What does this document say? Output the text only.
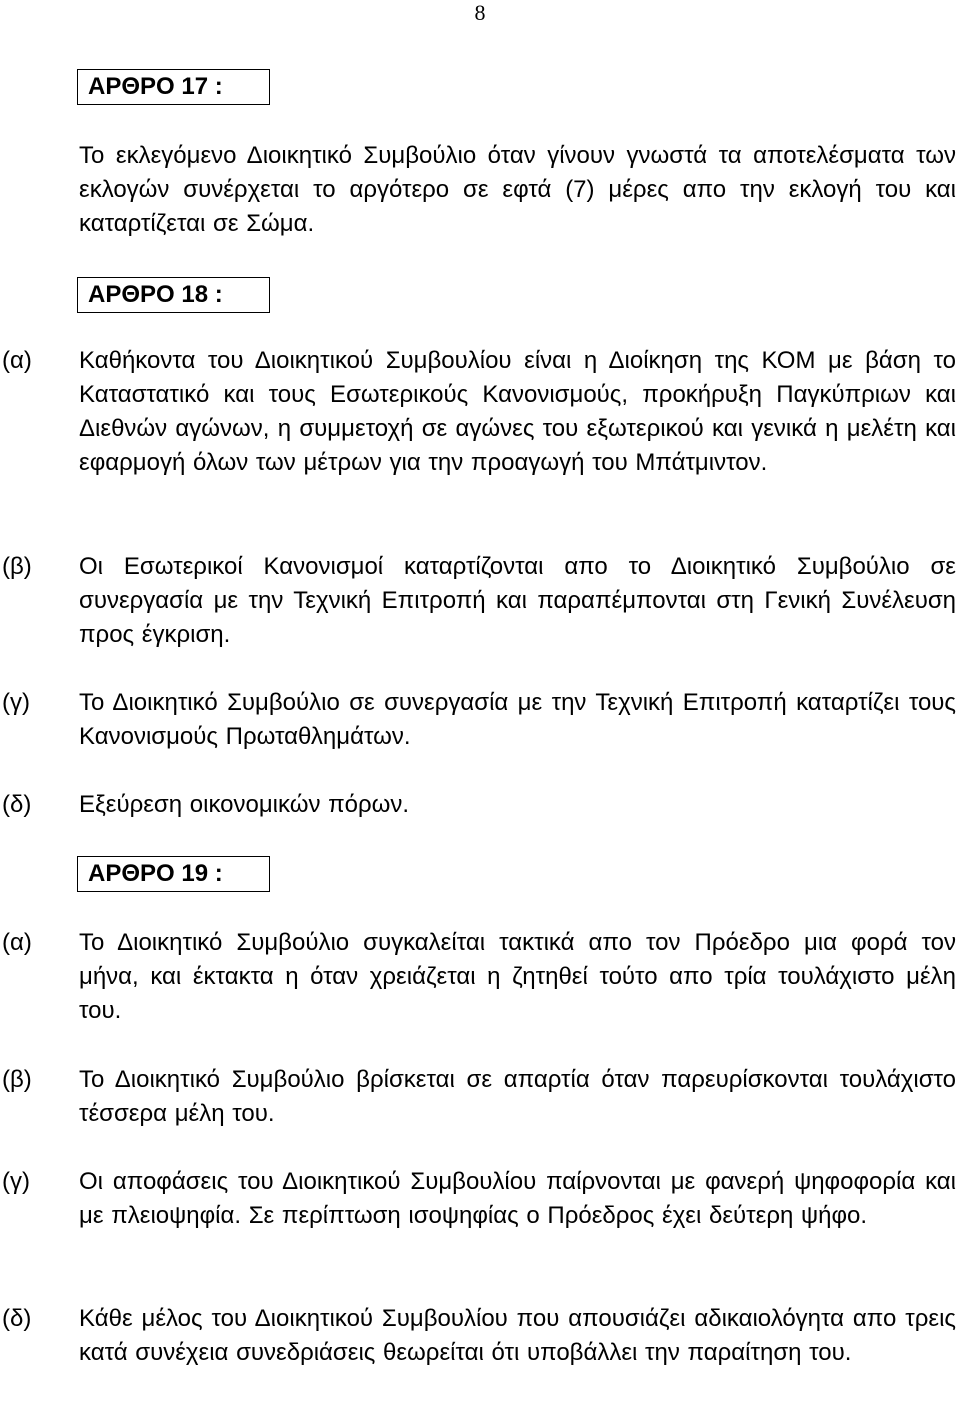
8
ΑΡΘΡΟ 17 :

Το εκλεγόμενο Διοικητικό Συμβούλιο όταν γίνουν γνωστά τα αποτελέσματα των εκλογών συνέρχεται το αργότερο σε εφτά (7) μέρες απο την εκλογή του και καταρτίζεται σε Σώμα.

ΑΡΘΡΟ 18 :
(α) Καθήκοντα του Διοικητικού Συμβουλίου είναι η Διοίκηση της ΚΟΜ με βάση το Καταστατικό και τους Εσωτερικούς Κανονισμούς, προκήρυξη Παγκύπριων και Διεθνών αγώνων, η συμμετοχή σε αγώνες του εξωτερικού και γενικά η μελέτη και εφαρμογή όλων των μέτρων για την προαγωγή του Μπάτμιντον.

(β) Οι Εσωτερικοί Κανονισμοί καταρτίζονται απο το Διοικητικό Συμβούλιο σε συνεργασία με την Τεχνική Επιτροπή και παραπέμπονται στη Γενική Συνέλευση προς έγκριση.

(γ) Το Διοικητικό Συμβούλιο σε συνεργασία με την Τεχνική Επιτροπή καταρτίζει τους Κανονισμούς Πρωταθλημάτων.

(δ) Εξεύρεση οικονομικών πόρων.

ΑΡΘΡΟ 19 :
(α) Το Διοικητικό Συμβούλιο συγκαλείται τακτικά απο τον Πρόεδρο μια φορά τον μήνα, και έκτακτα η όταν χρειάζεται η ζητηθεί τούτο απο τρία τουλάχιστο μέλη του.

(β) Το Διοικητικό Συμβούλιο βρίσκεται σε απαρτία όταν παρευρίσκονται τουλάχιστο τέσσερα μέλη του.

(γ) Οι αποφάσεις του Διοικητικού Συμβουλίου παίρνονται με φανερή ψηφοφορία και με πλειοψηφία. Σε περίπτωση ισοψηφίας ο Πρόεδρος έχει δεύτερη ψήφο.

(δ) Κάθε μέλος του Διοικητικού Συμβουλίου που απουσιάζει αδικαιολόγητα απο τρεις κατά συνέχεια συνεδριάσεις θεωρείται ότι υποβάλλει την παραίτηση του.
